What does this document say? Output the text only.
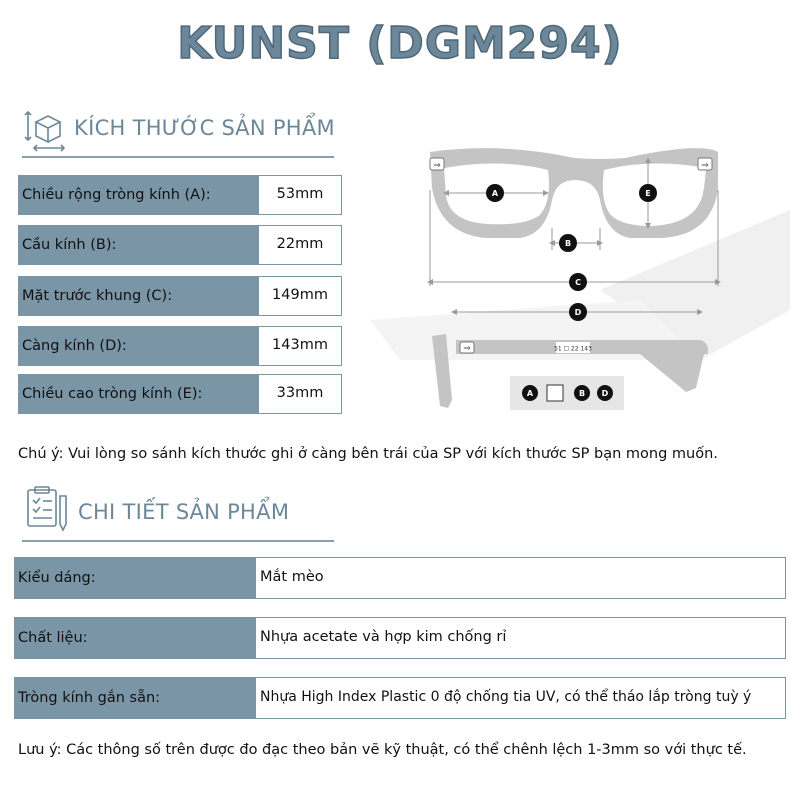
KUNST (DGM294)
KÍCH THƯỚC SẢN PHẨM
Chiều rộng tròng kính (A):	53mm
Cầu kính (B):	22mm
Mặt trước khung (C):	149mm
Càng kính (D):	143mm
Chiều cao tròng kính (E):	33mm
⇒	⇒
⇒	51 ☐ 22 143
A	E
B
C
D
A	B D
Chú ý: Vui lòng so sánh kích thước ghi ở càng bên trái của SP với kích thước SP bạn mong muốn.
CHI TIẾT SẢN PHẨM
Kiểu dáng:	Mắt mèo
Chất liệu:	Nhựa acetate và hợp kim chống rỉ
Tròng kính gắn sẵn:	Nhựa High Index Plastic 0 độ chống tia UV, có thể tháo lắp tròng tuỳ ý
Lưu ý: Các thông số trên được đo đạc theo bản vẽ kỹ thuật, có thể chênh lệch 1-3mm so với thực tế.
